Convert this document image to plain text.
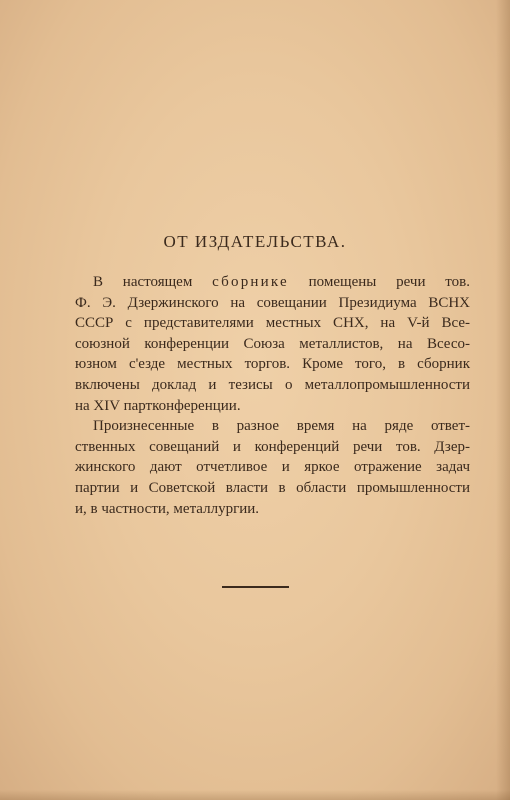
ОТ ИЗДАТЕЛЬСТВА.
В настоящем сборнике помещены речи тов.
Ф. Э. Дзержинского на совещании Президиума ВСНХ
СССР с представителями местных СНХ, на V-й Все-
союзной конференции Союза металлистов, на Всесо-
юзном с'езде местных торгов. Кроме того, в сборник
включены доклад и тезисы о металлопромышленности
на XIV партконференции.
Произнесенные в разное время на ряде ответ-
ственных совещаний и конференций речи тов. Дзер-
жинского дают отчетливое и яркое отражение задач
партии и Советской власти в области промышленности
и, в частности, металлургии.
